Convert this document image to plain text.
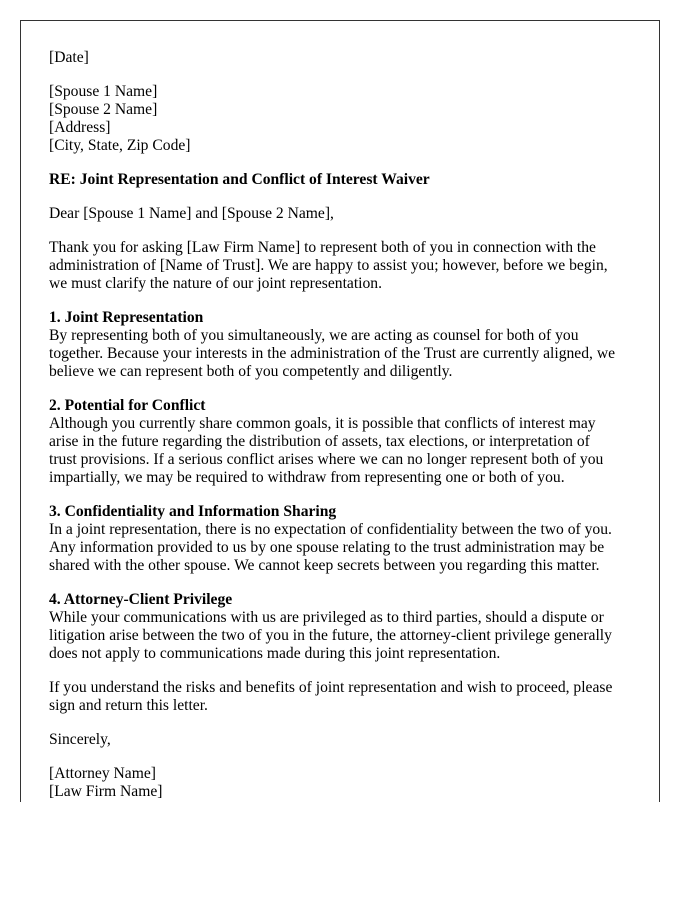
[Date]
[Spouse 1 Name]
[Spouse 2 Name]
[Address]
[City, State, Zip Code]
RE: Joint Representation and Conflict of Interest Waiver
Dear [Spouse 1 Name] and [Spouse 2 Name],
Thank you for asking [Law Firm Name] to represent both of you in connection with the
administration of [Name of Trust]. We are happy to assist you; however, before we begin,
we must clarify the nature of our joint representation.
1. Joint Representation
By representing both of you simultaneously, we are acting as counsel for both of you
together. Because your interests in the administration of the Trust are currently aligned, we
believe we can represent both of you competently and diligently.
2. Potential for Conflict
Although you currently share common goals, it is possible that conflicts of interest may
arise in the future regarding the distribution of assets, tax elections, or interpretation of
trust provisions. If a serious conflict arises where we can no longer represent both of you
impartially, we may be required to withdraw from representing one or both of you.
3. Confidentiality and Information Sharing
In a joint representation, there is no expectation of confidentiality between the two of you.
Any information provided to us by one spouse relating to the trust administration may be
shared with the other spouse. We cannot keep secrets between you regarding this matter.
4. Attorney-Client Privilege
While your communications with us are privileged as to third parties, should a dispute or
litigation arise between the two of you in the future, the attorney-client privilege generally
does not apply to communications made during this joint representation.
If you understand the risks and benefits of joint representation and wish to proceed, please
sign and return this letter.
Sincerely,
[Attorney Name]
[Law Firm Name]
